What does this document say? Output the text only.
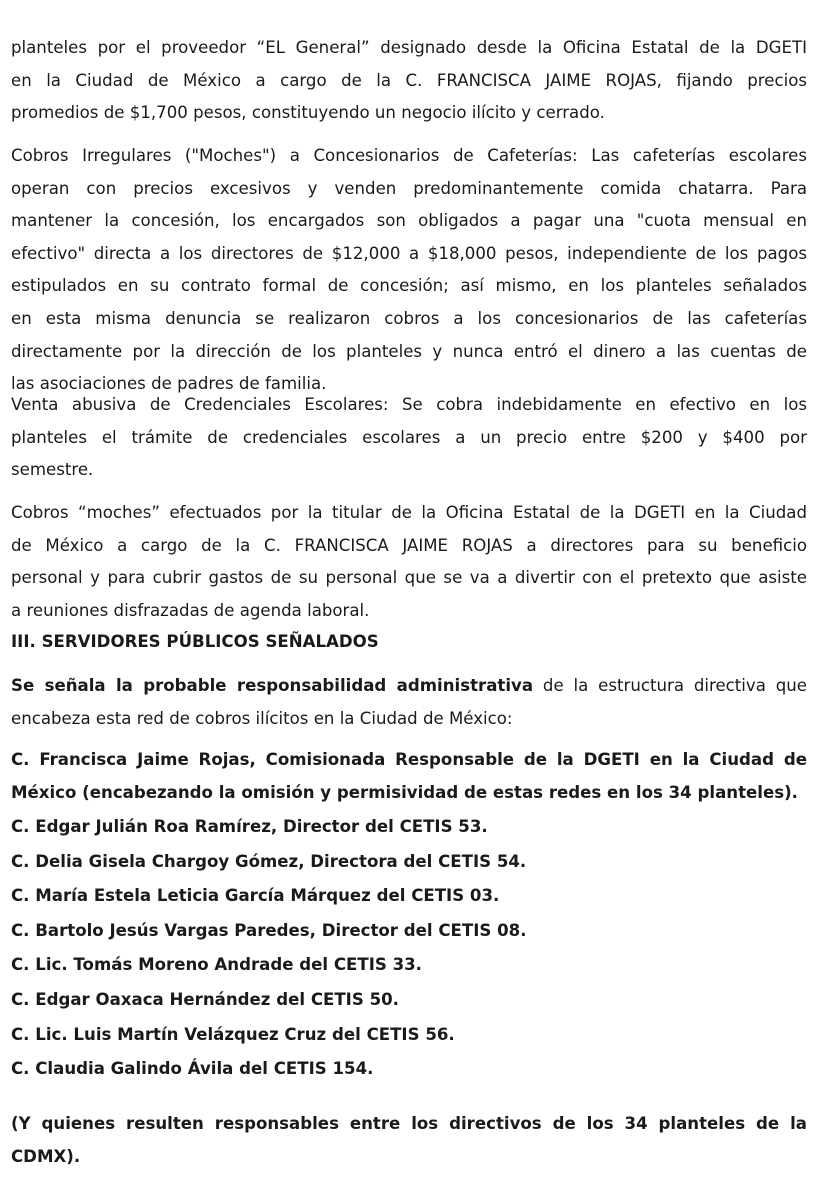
planteles por el proveedor “EL General” designado desde la Oficina Estatal de la DGETI
en la Ciudad de México a cargo de la C. FRANCISCA JAIME ROJAS, fijando precios
promedios de $1,700 pesos, constituyendo un negocio ilícito y cerrado.
Cobros Irregulares ("Moches") a Concesionarios de Cafeterías: Las cafeterías escolares
operan con precios excesivos y venden predominantemente comida chatarra. Para
mantener la concesión, los encargados son obligados a pagar una "cuota mensual en
efectivo" directa a los directores de $12,000 a $18,000 pesos, independiente de los pagos
estipulados en su contrato formal de concesión; así mismo, en los planteles señalados
en esta misma denuncia se realizaron cobros a los concesionarios de las cafeterías
directamente por la dirección de los planteles y nunca entró el dinero a las cuentas de
las asociaciones de padres de familia.
Venta abusiva de Credenciales Escolares: Se cobra indebidamente en efectivo en los
planteles el trámite de credenciales escolares a un precio entre $200 y $400 por
semestre.
Cobros “moches” efectuados por la titular de la Oficina Estatal de la DGETI en la Ciudad
de México a cargo de la C. FRANCISCA JAIME ROJAS a directores para su beneficio
personal y para cubrir gastos de su personal que se va a divertir con el pretexto que asiste
a reuniones disfrazadas de agenda laboral.
III. SERVIDORES PÚBLICOS SEÑALADOS
Se señala la probable responsabilidad administrativa de la estructura directiva que
encabeza esta red de cobros ilícitos en la Ciudad de México:
C. Francisca Jaime Rojas, Comisionada Responsable de la DGETI en la Ciudad de
México (encabezando la omisión y permisividad de estas redes en los 34 planteles).
C. Edgar Julián Roa Ramírez, Director del CETIS 53.
C. Delia Gisela Chargoy Gómez, Directora del CETIS 54.
C. María Estela Leticia García Márquez del CETIS 03.
C. Bartolo Jesús Vargas Paredes, Director del CETIS 08.
C. Lic. Tomás Moreno Andrade del CETIS 33.
C. Edgar Oaxaca Hernández del CETIS 50.
C. Lic. Luis Martín Velázquez Cruz del CETIS 56.
C. Claudia Galindo Ávila del CETIS 154.
(Y quienes resulten responsables entre los directivos de los 34 planteles de la
CDMX).
